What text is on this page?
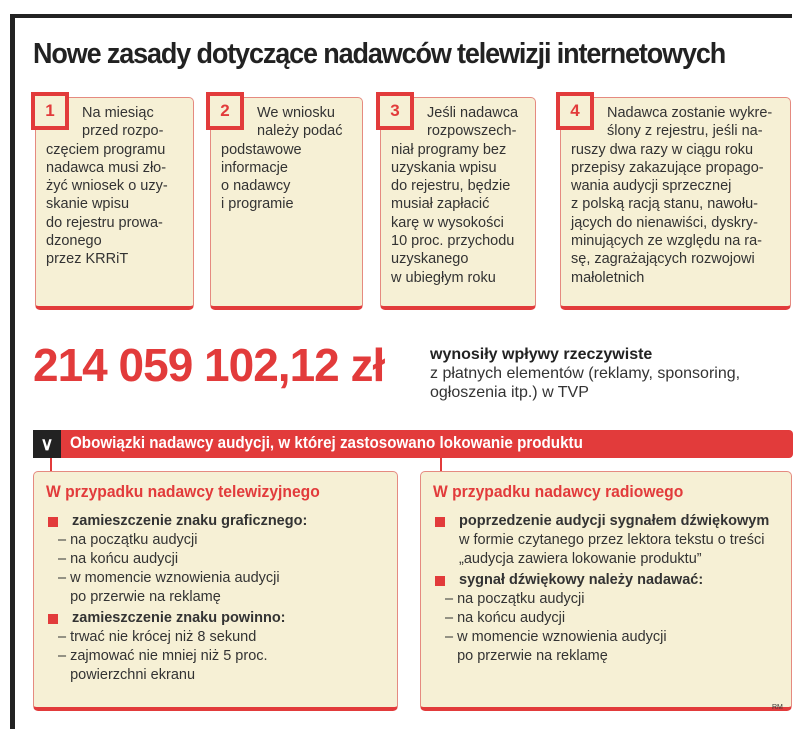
Nowe zasady dotyczące nadawców telewizji internetowych
1	Na miesiąc
przed rozpo-
częciem programu
nadawca musi zło-
żyć wniosek o uzy-
skanie wpisu
do rejestru prowa-
dzonego
przez KRRiT
2	We wniosku
należy podać
podstawowe
informacje
o nadawcy
i programie
3	Jeśli nadawca
rozpowszech-
niał programy bez
uzyskania wpisu
do rejestru, będzie
musiał zapłacić
karę w wysokości
10 proc. przychodu
uzyskanego
w ubiegłym roku
4	Nadawca zostanie wykre-
ślony z rejestru, jeśli na-
ruszy dwa razy w ciągu roku
przepisy zakazujące propago-
wania audycji sprzecznej
z polską racją stanu, nawołu-
jących do nienawiści, dyskry-
minujących ze względu na ra-
sę, zagrażających rozwojowi
małoletnich
214 059 102,12 zł	wynosiły wpływy rzeczywiste
z płatnych elementów (reklamy, sponsoring,
ogłoszenia itp.) w TVP
∨ Obowiązki nadawcy audycji, w której zastosowano lokowanie produktu
W przypadku nadawcy telewizyjnego
zamieszczenie znaku graficznego:
– na początku audycji
– na końcu audycji
– w momencie wznowienia audycji
po przerwie na reklamę
zamieszczenie znaku powinno:
– trwać nie krócej niż 8 sekund
– zajmować nie mniej niż 5 proc.
powierzchni ekranu
W przypadku nadawcy radiowego
poprzedzenie audycji sygnałem dźwiękowym w formie czytanego przez lektora tekstu o treści „audycja zawiera lokowanie produktu”
sygnał dźwiękowy należy nadawać:
– na początku audycji
– na końcu audycji
– w momencie wznowienia audycji
po przerwie na reklamę
RM
